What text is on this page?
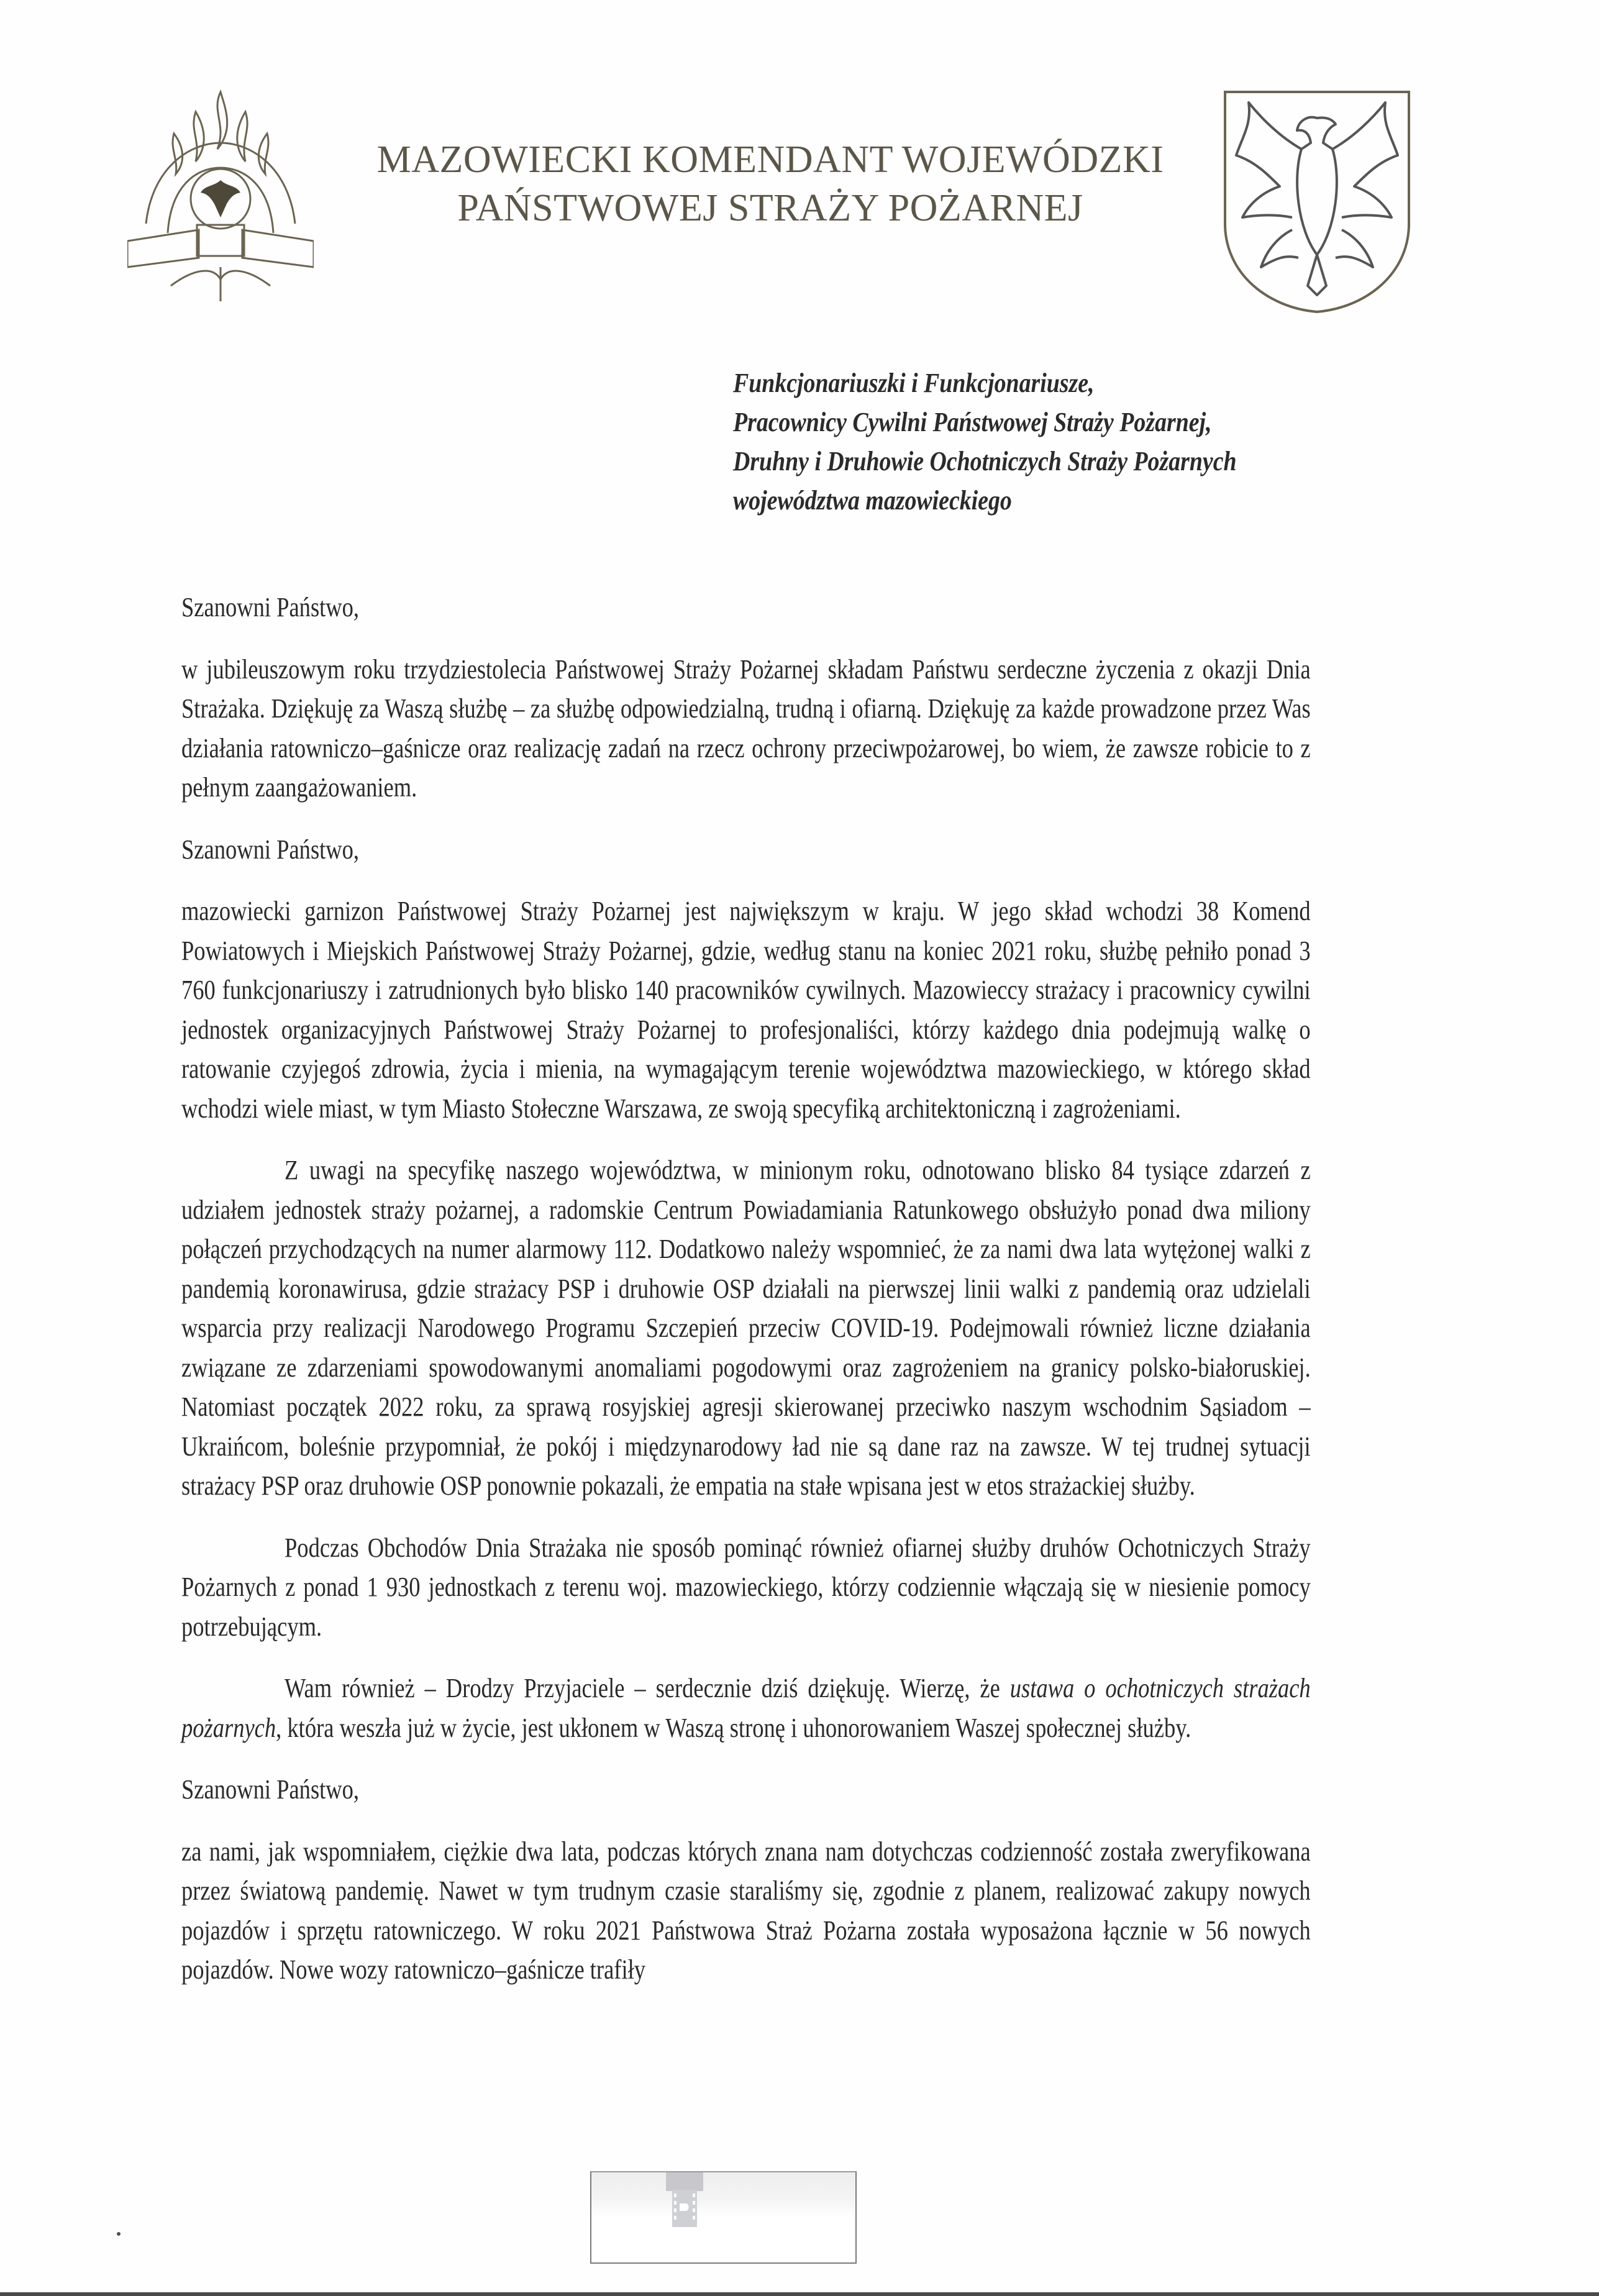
MAZOWIECKI KOMENDANT WOJEWÓDZKI
PAŃSTWOWEJ STRAŻY POŻARNEJ
Funkcjonariuszki i Funkcjonariusze,
Pracownicy Cywilni Państwowej Straży Pożarnej,
Druhny i Druhowie Ochotniczych Straży Pożarnych
województwa mazowieckiego

Szanowni Państwo,

w jubileuszowym roku trzydziestolecia Państwowej Straży Pożarnej składam Państwu serdeczne życzenia z okazji Dnia Strażaka. Dziękuję za Waszą służbę – za służbę odpowiedzialną, trudną i ofiarną. Dziękuję za każde prowadzone przez Was działania ratowniczo–gaśnicze oraz realizację zadań na rzecz ochrony przeciwpożarowej, bo wiem, że zawsze robicie to z pełnym zaangażowaniem.

Szanowni Państwo,

mazowiecki garnizon Państwowej Straży Pożarnej jest największym w kraju. W jego skład wchodzi 38 Komend Powiatowych i Miejskich Państwowej Straży Pożarnej, gdzie, według stanu na koniec 2021 roku, służbę pełniło ponad 3 760 funkcjonariuszy i zatrudnionych było blisko 140 pracowników cywilnych. Mazowieccy strażacy i pracownicy cywilni jednostek organizacyjnych Państwowej Straży Pożarnej to profesjonaliści, którzy każdego dnia podejmują walkę o ratowanie czyjegoś zdrowia, życia i mienia, na wymagającym terenie województwa mazowieckiego, w którego skład wchodzi wiele miast, w tym Miasto Stołeczne Warszawa, ze swoją specyfiką architektoniczną i zagrożeniami.

Z uwagi na specyfikę naszego województwa, w minionym roku, odnotowano blisko 84 tysiące zdarzeń z udziałem jednostek straży pożarnej, a radomskie Centrum Powiadamiania Ratunkowego obsłużyło ponad dwa miliony połączeń przychodzących na numer alarmowy 112. Dodatkowo należy wspomnieć, że za nami dwa lata wytężonej walki z pandemią koronawirusa, gdzie strażacy PSP i druhowie OSP działali na pierwszej linii walki z pandemią oraz udzielali wsparcia przy realizacji Narodowego Programu Szczepień przeciw COVID-19. Podejmowali również liczne działania związane ze zdarzeniami spowodowanymi anomaliami pogodowymi oraz zagrożeniem na granicy polsko-białoruskiej. Natomiast początek 2022 roku, za sprawą rosyjskiej agresji skierowanej przeciwko naszym wschodnim Sąsiadom – Ukraińcom, boleśnie przypomniał, że pokój i międzynarodowy ład nie są dane raz na zawsze. W tej trudnej sytuacji strażacy PSP oraz druhowie OSP ponownie pokazali, że empatia na stałe wpisana jest w etos strażackiej służby.

Podczas Obchodów Dnia Strażaka nie sposób pominąć również ofiarnej służby druhów Ochotniczych Straży Pożarnych z ponad 1 930 jednostkach z terenu woj. mazowieckiego, którzy codziennie włączają się w niesienie pomocy potrzebującym.

Wam również – Drodzy Przyjaciele – serdecznie dziś dziękuję. Wierzę, że ustawa o ochotniczych strażach pożarnych, która weszła już w życie, jest ukłonem w Waszą stronę i uhonorowaniem Waszej społecznej służby.

Szanowni Państwo,

za nami, jak wspomniałem, ciężkie dwa lata, podczas których znana nam dotychczas codzienność została zweryfikowana przez światową pandemię. Nawet w tym trudnym czasie staraliśmy się, zgodnie z planem, realizować zakupy nowych pojazdów i sprzętu ratowniczego. W roku 2021 Państwowa Straż Pożarna została wyposażona łącznie w 56 nowych pojazdów. Nowe wozy ratowniczo–gaśnicze trafiły
